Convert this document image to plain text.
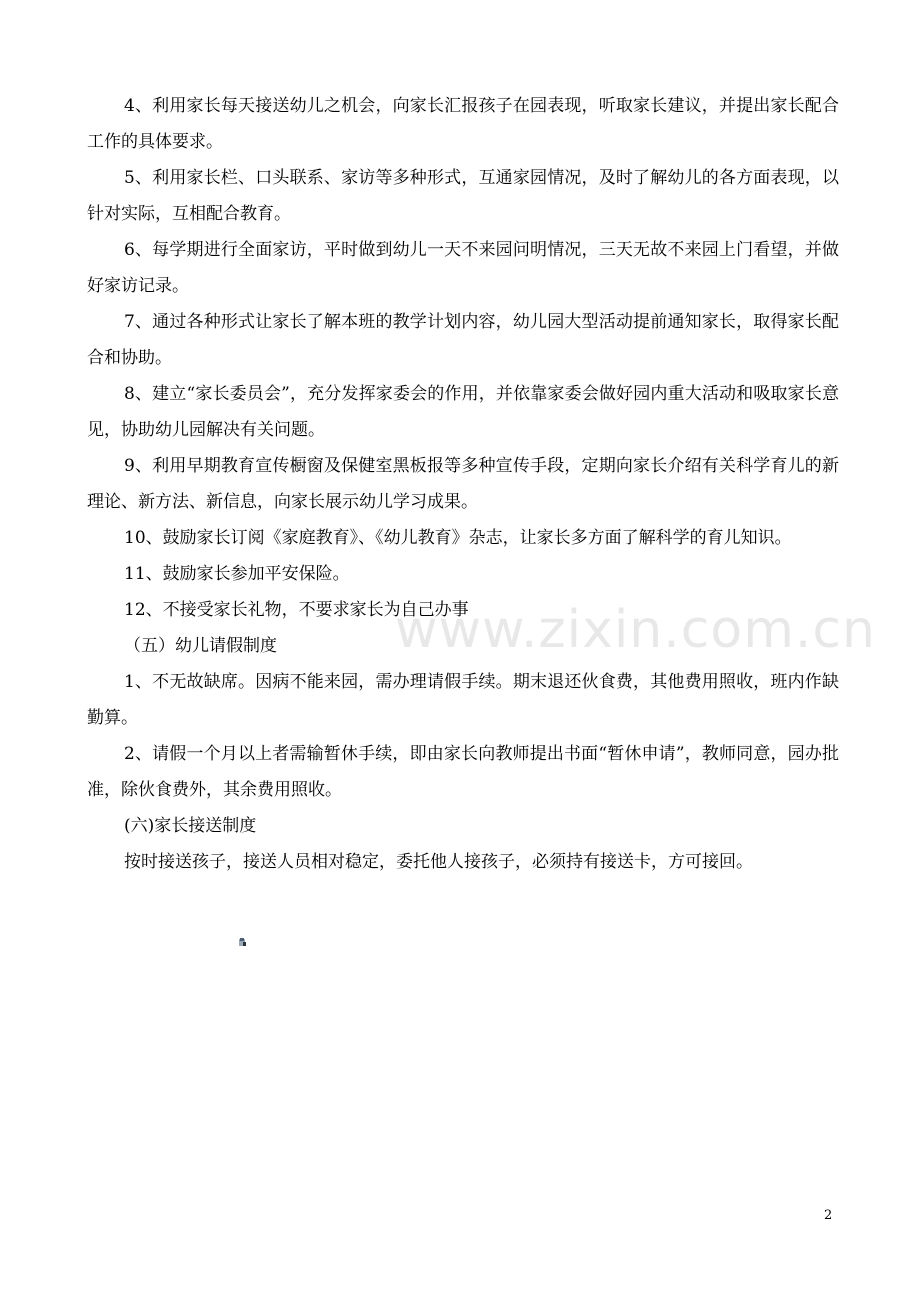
4、利用家长每天接送幼儿之机会，向家长汇报孩子在园表现，听取家长建议，并提出家长配合工作的具体要求。

5、利用家长栏、口头联系、家访等多种形式，互通家园情况，及时了解幼儿的各方面表现，以针对实际，互相配合教育。

6、每学期进行全面家访，平时做到幼儿一天不来园问明情况，三天无故不来园上门看望，并做好家访记录。

7、通过各种形式让家长了解本班的教学计划内容，幼儿园大型活动提前通知家长，取得家长配合和协助。

8、建立“家长委员会”，充分发挥家委会的作用，并依靠家委会做好园内重大活动和吸取家长意见，协助幼儿园解决有关问题。

9、利用早期教育宣传橱窗及保健室黑板报等多种宣传手段，定期向家长介绍有关科学育儿的新理论、新方法、新信息，向家长展示幼儿学习成果。

10、鼓励家长订阅《家庭教育》、《幼儿教育》杂志，让家长多方面了解科学的育儿知识。

11、鼓励家长参加平安保险。

12、不接受家长礼物，不要求家长为自己办事

（五）幼儿请假制度

1、不无故缺席。因病不能来园，需办理请假手续。期末退还伙食费，其他费用照收，班内作缺勤算。

2、请假一个月以上者需输暂休手续，即由家长向教师提出书面“暂休申请”，教师同意，园办批准，除伙食费外，其余费用照收。

(六)家长接送制度

按时接送孩子，接送人员相对稳定，委托他人接孩子，必须持有接送卡，方可接回。

www.zixin.com.cn
2
